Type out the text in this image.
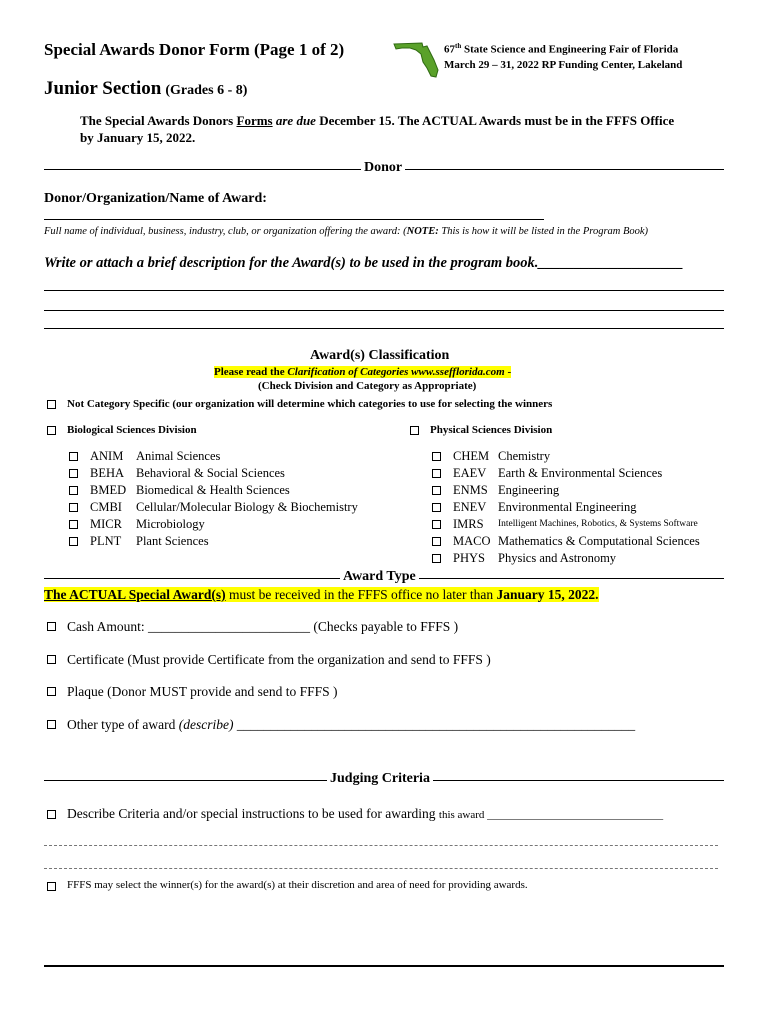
Special Awards Donor Form (Page 1 of 2)	67th State Science and Engineering Fair of Florida
March 29 – 31, 2022 RP Funding Center, Lakeland
Junior Section (Grades 6 - 8)
The Special Awards Donors Forms are due December 15. The ACTUAL Awards must be in the FFFS Office
by January 15, 2022.
Donor
Donor/Organization/Name of Award:
Full name of individual, business, industry, club, or organization offering the award: (NOTE: This is how it will be listed in the Program Book)
Write or attach a brief description for the Award(s) to be used in the program book.____________________
Award(s) Classification
Please read the Clarification of Categories www.ssefflorida.com -
(Check Division and Category as Appropriate)
Not Category Specific (our organization will determine which categories to use for selecting the winners
Biological Sciences Division	Physical Sciences Division
ANIM Animal Sciences
BEHA Behavioral & Social Sciences
BMED Biomedical & Health Sciences
CMBI Cellular/Molecular Biology & Biochemistry
MICR Microbiology
PLNT Plant Sciences
CHEM Chemistry
EAEV Earth & Environmental Sciences
ENMS Engineering
ENEV Environmental Engineering
IMRS Intelligent Machines, Robotics, & Systems Software
MACO Mathematics & Computational Sciences
PHYS Physics and Astronomy
Award Type
The ACTUAL Special Award(s) must be received in the FFFS office no later than January 15, 2022.
Cash Amount: ________________________ (Checks payable to FFFS )
Certificate (Must provide Certificate from the organization and send to FFFS )
Plaque (Donor MUST provide and send to FFFS )
Other type of award (describe) ___________________________________________________________
Judging Criteria
Describe Criteria and/or special instructions to be used for awarding this award ________________________________
FFFS may select the winner(s) for the award(s) at their discretion and area of need for providing awards.
